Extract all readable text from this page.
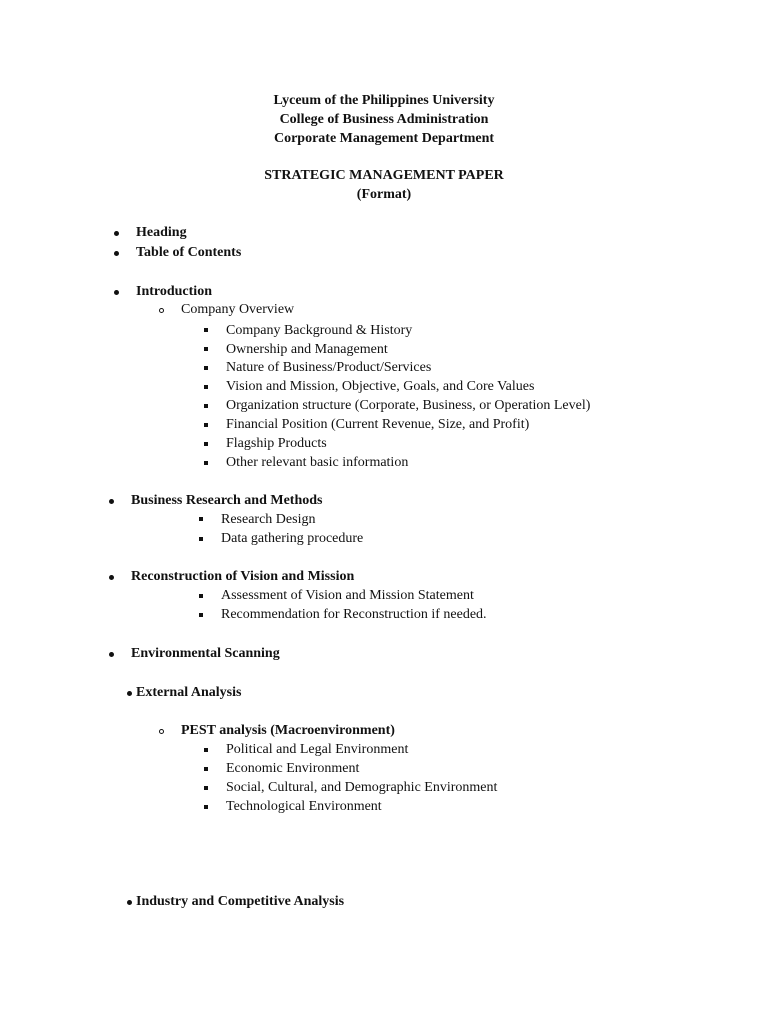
Lyceum of the Philippines University
College of Business Administration
Corporate Management Department
STRATEGIC MANAGEMENT PAPER
(Format)
Heading
Table of Contents
Introduction
Company Overview
Company Background & History
Ownership and Management
Nature of Business/Product/Services
Vision and Mission, Objective, Goals, and Core Values
Organization structure (Corporate, Business, or Operation Level)
Financial Position (Current Revenue, Size, and Profit)
Flagship Products
Other relevant basic information
Business Research and Methods
Research Design
Data gathering procedure
Reconstruction of Vision and Mission
Assessment of Vision and Mission Statement
Recommendation for Reconstruction if needed.
Environmental Scanning
External Analysis
PEST analysis (Macroenvironment)
Political and Legal Environment
Economic Environment
Social, Cultural, and Demographic Environment
Technological Environment
Industry and Competitive Analysis
